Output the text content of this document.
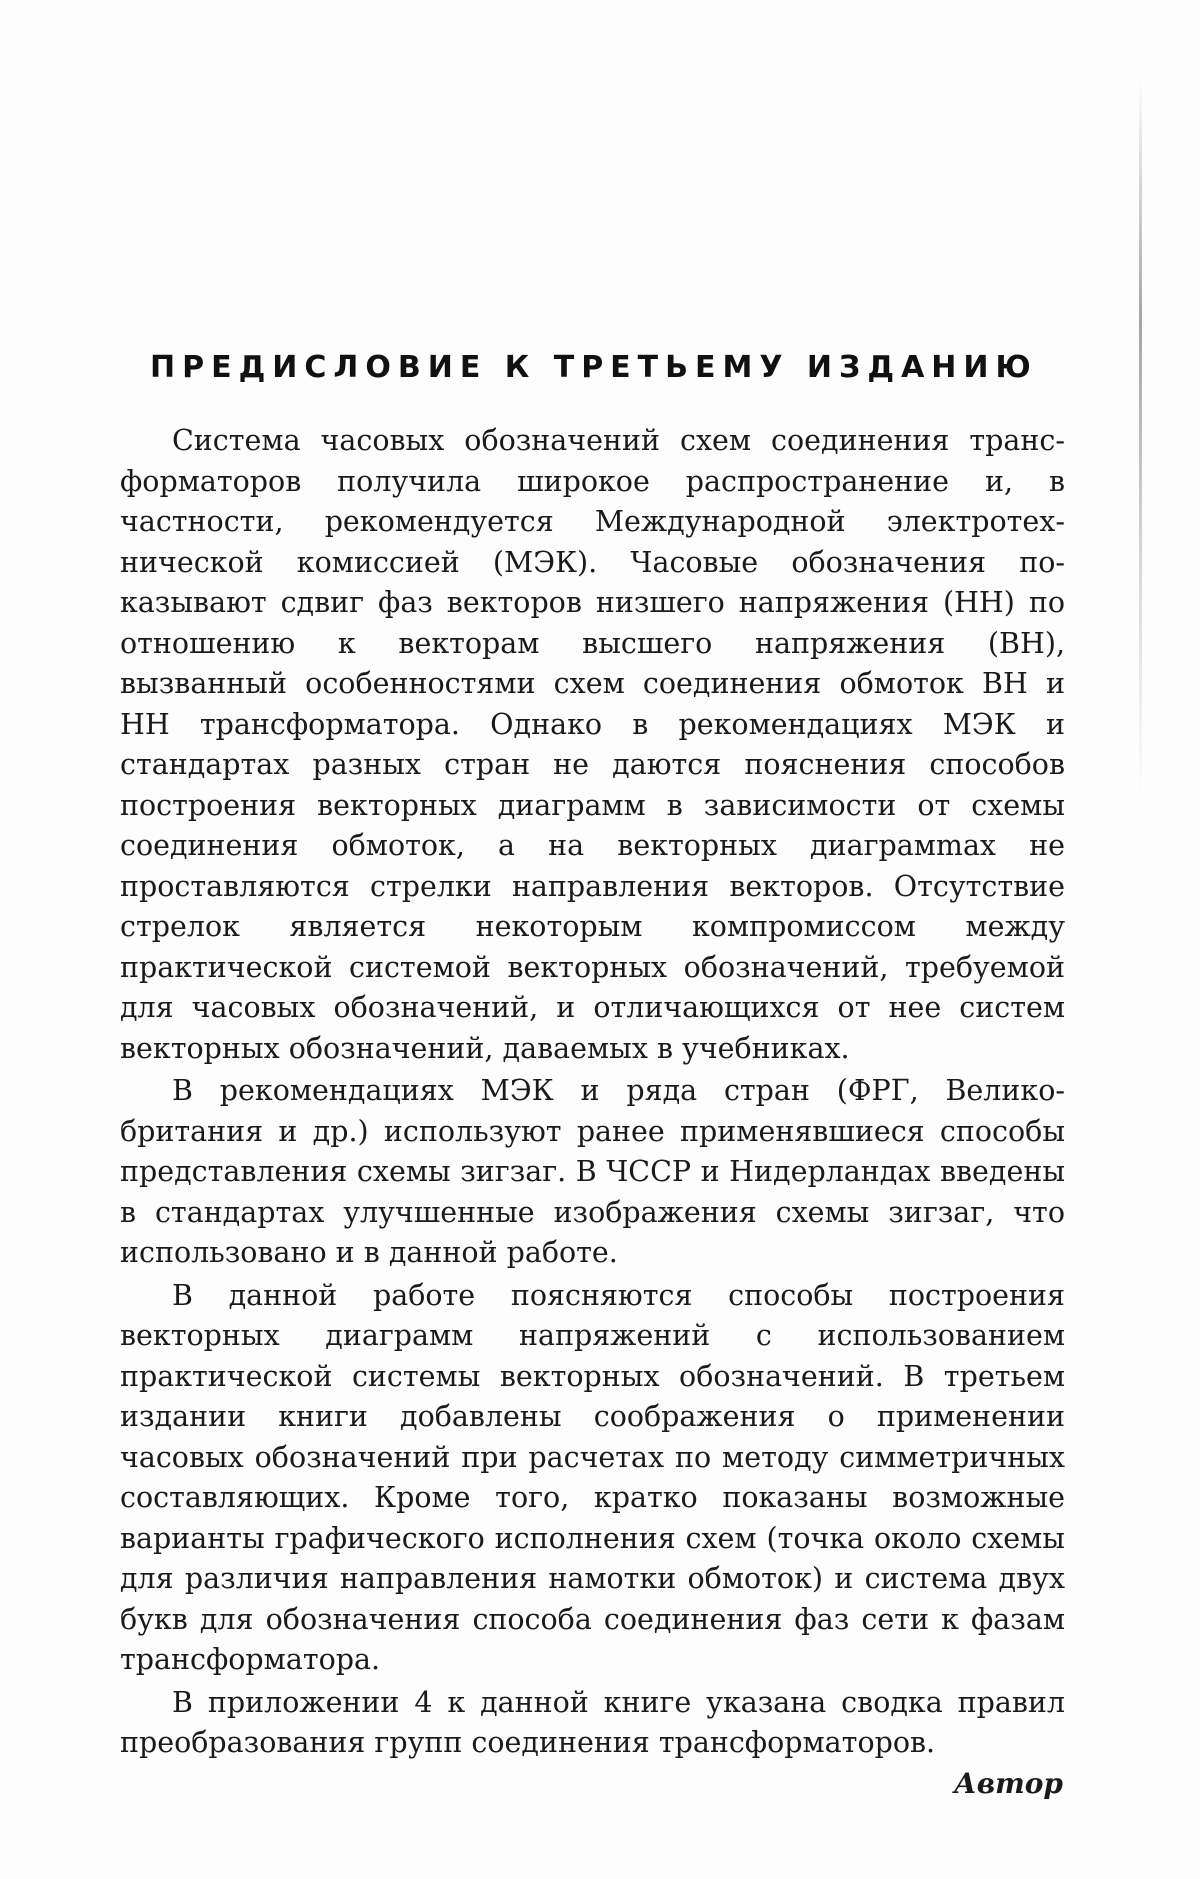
ПРЕДИСЛОВИЕ К ТРЕТЬЕМУ ИЗДАНИЮ

Система часовых обозначений схем соединения трансформаторов получила широкое распространение и, в частности, рекомендуется Международной электротехнической комиссией (МЭК). Часовые обозначения показывают сдвиг фаз векторов низшего напряжения (НН) по отношению к векторам высшего напряжения (ВН), вызванный особенностями схем соединения обмоток ВН и НН трансформатора. Однако в рекомендациях МЭК и стандартах разных стран не даются пояснения способов построения векторных диаграмм в зависимости от схемы соединения обмоток, а на векторных диаграмmах не проставляются стрелки направления векторов. Отсутствие стрелок является некоторым компромиссом между практической системой векторных обозначений, требуемой для часовых обозначений, и отличающихся от нее систем векторных обозначений, даваемых в учебниках.

В рекомендациях МЭК и ряда стран (ФРГ, Великобритания и др.) используют ранее применявшиеся способы представления схемы зигзаг. В ЧССР и Нидерландах введены в стандартах улучшенные изображения схемы зигзаг, что использовано и в данной работе.

В данной работе поясняются способы построения векторных диаграмм напряжений с использованием практической системы векторных обозначений. В третьем издании книги добавлены соображения о применении часовых обозначений при расчетах по методу симметричных составляющих. Кроме того, кратко показаны возможные варианты графического исполнения схем (точка около схемы для различия направления намотки обмоток) и система двух букв для обозначения способа соединения фаз сети к фазам трансформатора.

В приложении 4 к данной книге указана сводка правил преобразования групп соединения трансформаторов.

Автор
